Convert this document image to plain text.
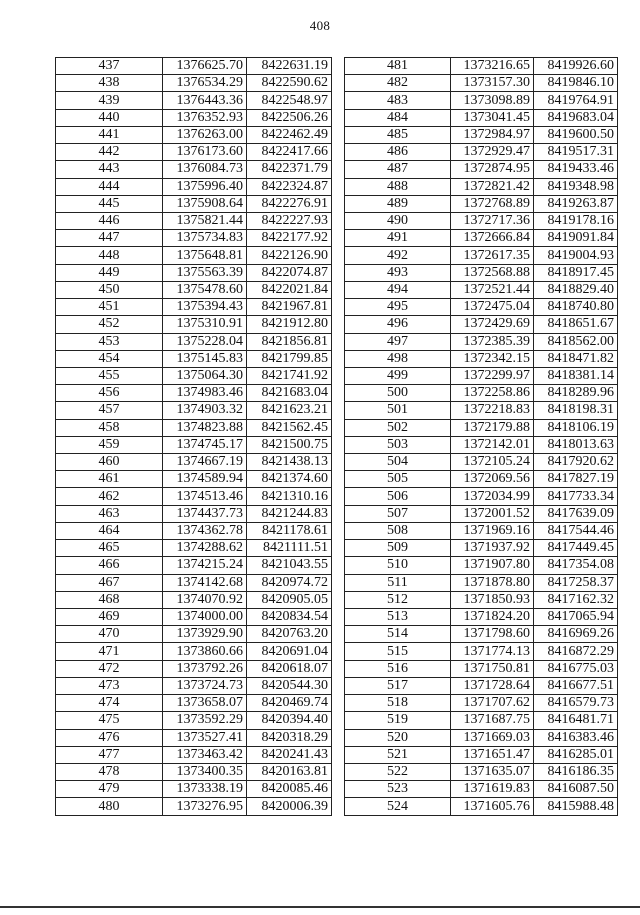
408
437	1376625.70	8422631.19
438	1376534.29	8422590.62
439	1376443.36	8422548.97
440	1376352.93	8422506.26
441	1376263.00	8422462.49
442	1376173.60	8422417.66
443	1376084.73	8422371.79
444	1375996.40	8422324.87
445	1375908.64	8422276.91
446	1375821.44	8422227.93
447	1375734.83	8422177.92
448	1375648.81	8422126.90
449	1375563.39	8422074.87
450	1375478.60	8422021.84
451	1375394.43	8421967.81
452	1375310.91	8421912.80
453	1375228.04	8421856.81
454	1375145.83	8421799.85
455	1375064.30	8421741.92
456	1374983.46	8421683.04
457	1374903.32	8421623.21
458	1374823.88	8421562.45
459	1374745.17	8421500.75
460	1374667.19	8421438.13
461	1374589.94	8421374.60
462	1374513.46	8421310.16
463	1374437.73	8421244.83
464	1374362.78	8421178.61
465	1374288.62	8421111.51
466	1374215.24	8421043.55
467	1374142.68	8420974.72
468	1374070.92	8420905.05
469	1374000.00	8420834.54
470	1373929.90	8420763.20
471	1373860.66	8420691.04
472	1373792.26	8420618.07
473	1373724.73	8420544.30
474	1373658.07	8420469.74
475	1373592.29	8420394.40
476	1373527.41	8420318.29
477	1373463.42	8420241.43
478	1373400.35	8420163.81
479	1373338.19	8420085.46
480	1373276.95	8420006.39
481	1373216.65	8419926.60
482	1373157.30	8419846.10
483	1373098.89	8419764.91
484	1373041.45	8419683.04
485	1372984.97	8419600.50
486	1372929.47	8419517.31
487	1372874.95	8419433.46
488	1372821.42	8419348.98
489	1372768.89	8419263.87
490	1372717.36	8419178.16
491	1372666.84	8419091.84
492	1372617.35	8419004.93
493	1372568.88	8418917.45
494	1372521.44	8418829.40
495	1372475.04	8418740.80
496	1372429.69	8418651.67
497	1372385.39	8418562.00
498	1372342.15	8418471.82
499	1372299.97	8418381.14
500	1372258.86	8418289.96
501	1372218.83	8418198.31
502	1372179.88	8418106.19
503	1372142.01	8418013.63
504	1372105.24	8417920.62
505	1372069.56	8417827.19
506	1372034.99	8417733.34
507	1372001.52	8417639.09
508	1371969.16	8417544.46
509	1371937.92	8417449.45
510	1371907.80	8417354.08
511	1371878.80	8417258.37
512	1371850.93	8417162.32
513	1371824.20	8417065.94
514	1371798.60	8416969.26
515	1371774.13	8416872.29
516	1371750.81	8416775.03
517	1371728.64	8416677.51
518	1371707.62	8416579.73
519	1371687.75	8416481.71
520	1371669.03	8416383.46
521	1371651.47	8416285.01
522	1371635.07	8416186.35
523	1371619.83	8416087.50
524	1371605.76	8415988.48
